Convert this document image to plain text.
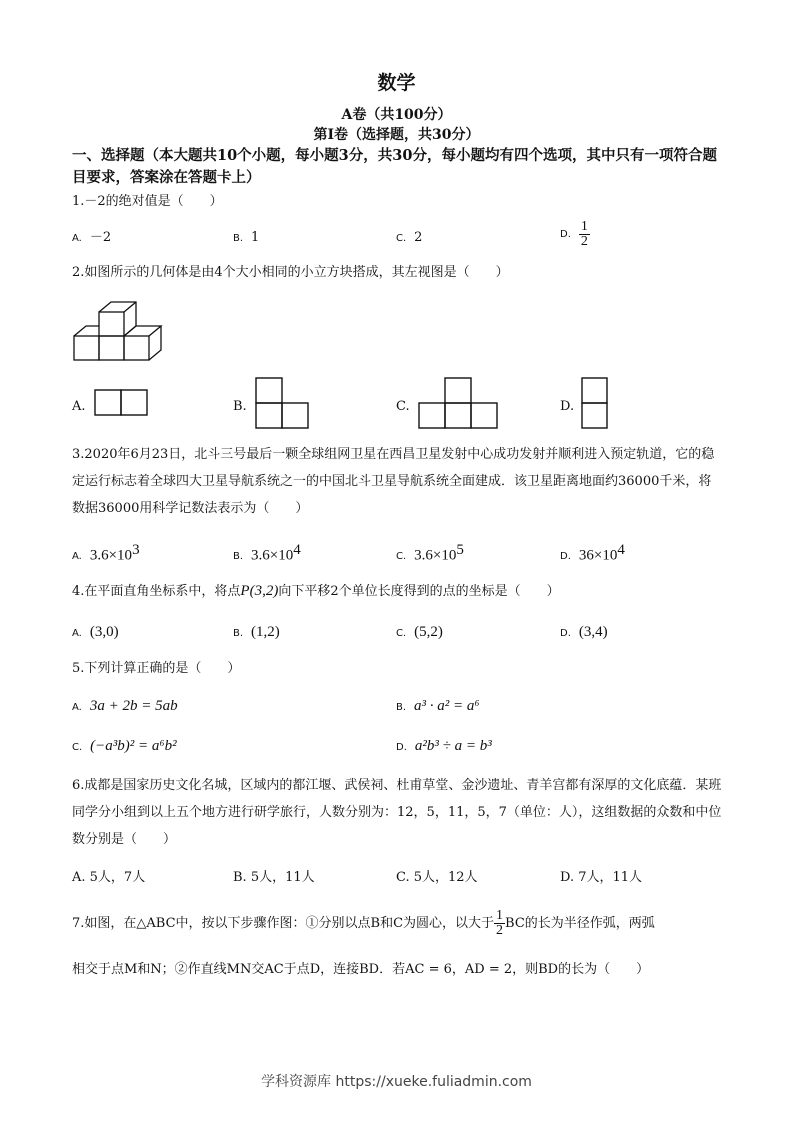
数学
A卷（共100分）
第Ⅰ卷（选择题，共30分）
一、选择题（本大题共10个小题，每小题3分，共30分，每小题均有四个选项，其中只有一项符合题目要求，答案涂在答题卡上）
1.－2的绝对值是（　　）
A. －2	B. 1	C. 2	D. $\frac{1}{2}$
2.如图所示的几何体是由4个大小相同的小立方块搭成，其左视图是（　　）
A.	B.	C.	D.
3.2020年6月23日，北斗三号最后一颗全球组网卫星在西昌卫星发射中心成功发射并顺利进入预定轨道，它的稳定运行标志着全球四大卫星导航系统之一的中国北斗卫星导航系统全面建成．该卫星距离地面约36000千米，将数据36000用科学记数法表示为（　　）
A. $3.6\times 10^3$	B. $3.6\times 10^4$	C. $3.6\times 10^5$	D. $36\times 10^4$
4.在平面直角坐标系中，将点P(3,2)向下平移2个单位长度得到的点的坐标是（　　）
A. (3,0)	B. (1,2)	C. (5,2)	D. (3,4)
5.下列计算正确的是（　　）
A. 3a + 2b = 5ab	B. a³ · a² = a⁶
C. (−a³b)² = a⁶b²	D. a²b³ ÷ a = b³
6.成都是国家历史文化名城，区域内的都江堰、武侯祠、杜甫草堂、金沙遗址、青羊宫都有深厚的文化底蕴．某班同学分小组到以上五个地方进行研学旅行，人数分别为：12，5，11，5，7（单位：人），这组数据的众数和中位数分别是（　　）
A. 5人，7人	B. 5人，11人	C. 5人，12人	D. 7人，11人
7.如图，在△ABC中，按以下步骤作图：①分别以点B和C为圆心，以大于 $\frac{1}{2}$ BC的长为半径作弧，两弧
相交于点M和N；②作直线MN交AC于点D，连接BD．若AC = 6，AD = 2，则BD的长为（　　）
学科资源库 https://xueke.fuliadmin.com
